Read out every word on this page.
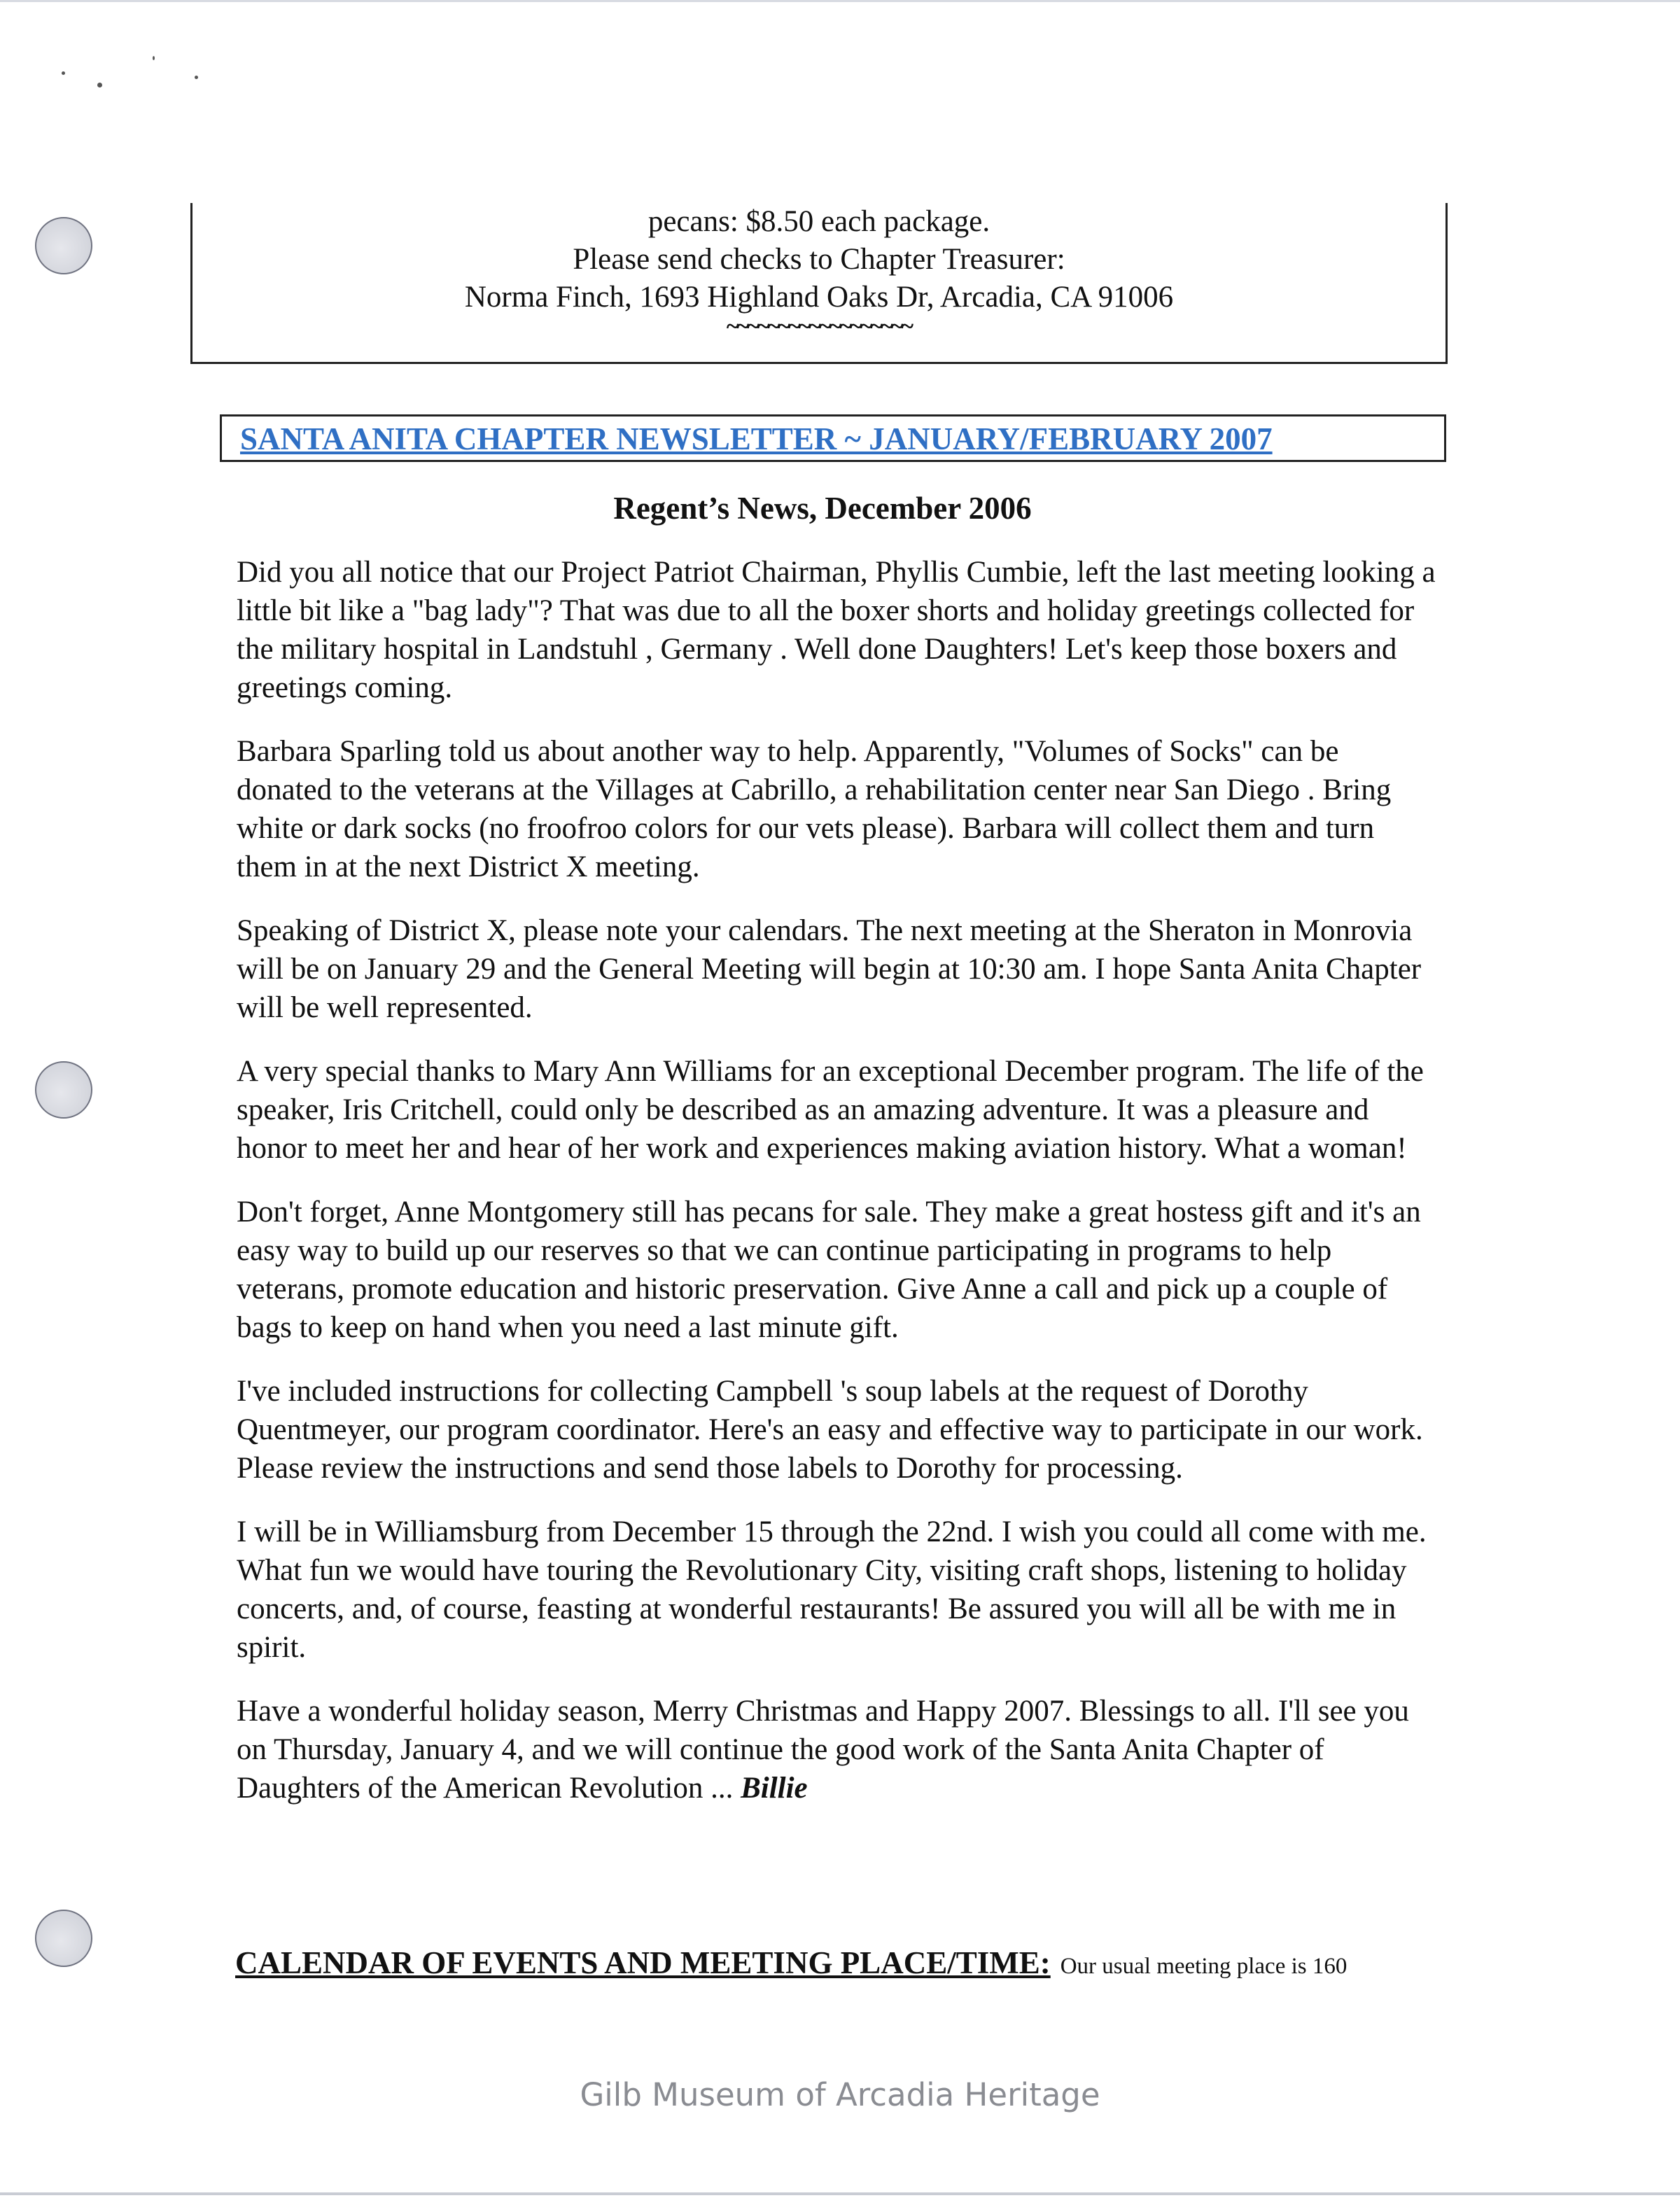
pecans: $8.50 each package.
Please send checks to Chapter Treasurer:
Norma Finch, 1693 Highland Oaks Dr, Arcadia, CA 91006
~~~~~~~~~~~~~~~~~~
SANTA ANITA CHAPTER NEWSLETTER ~ JANUARY/FEBRUARY 2007
Regent’s News, December 2006

Did you all notice that our Project Patriot Chairman, Phyllis Cumbie, left the last meeting looking a little bit like a "bag lady"? That was due to all the boxer shorts and holiday greetings collected for the military hospital in Landstuhl , Germany . Well done Daughters! Let's keep those boxers and greetings coming.

Barbara Sparling told us about another way to help. Apparently, "Volumes of Socks" can be donated to the veterans at the Villages at Cabrillo, a rehabilitation center near San Diego . Bring white or dark socks (no froofroo colors for our vets please). Barbara will collect them and turn them in at the next District X meeting.

Speaking of District X, please note your calendars. The next meeting at the Sheraton in Monrovia will be on January 29 and the General Meeting will begin at 10:30 am. I hope Santa Anita Chapter will be well represented.

A very special thanks to Mary Ann Williams for an exceptional December program. The life of the speaker, Iris Critchell, could only be described as an amazing adventure. It was a pleasure and honor to meet her and hear of her work and experiences making aviation history. What a woman!

Don't forget, Anne Montgomery still has pecans for sale. They make a great hostess gift and it's an easy way to build up our reserves so that we can continue participating in programs to help veterans, promote education and historic preservation. Give Anne a call and pick up a couple of bags to keep on hand when you need a last minute gift.

I've included instructions for collecting Campbell 's soup labels at the request of Dorothy Quentmeyer, our program coordinator. Here's an easy and effective way to participate in our work. Please review the instructions and send those labels to Dorothy for processing.

I will be in Williamsburg from December 15 through the 22nd. I wish you could all come with me. What fun we would have touring the Revolutionary City, visiting craft shops, listening to holiday concerts, and, of course, feasting at wonderful restaurants! Be assured you will all be with me in spirit.

Have a wonderful holiday season, Merry Christmas and Happy 2007. Blessings to all. I'll see you on Thursday, January 4, and we will continue the good work of the Santa Anita Chapter of Daughters of the American Revolution ... Billie

CALENDAR OF EVENTS AND MEETING PLACE/TIME: Our usual meeting place is 160
Gilb Museum of Arcadia Heritage
